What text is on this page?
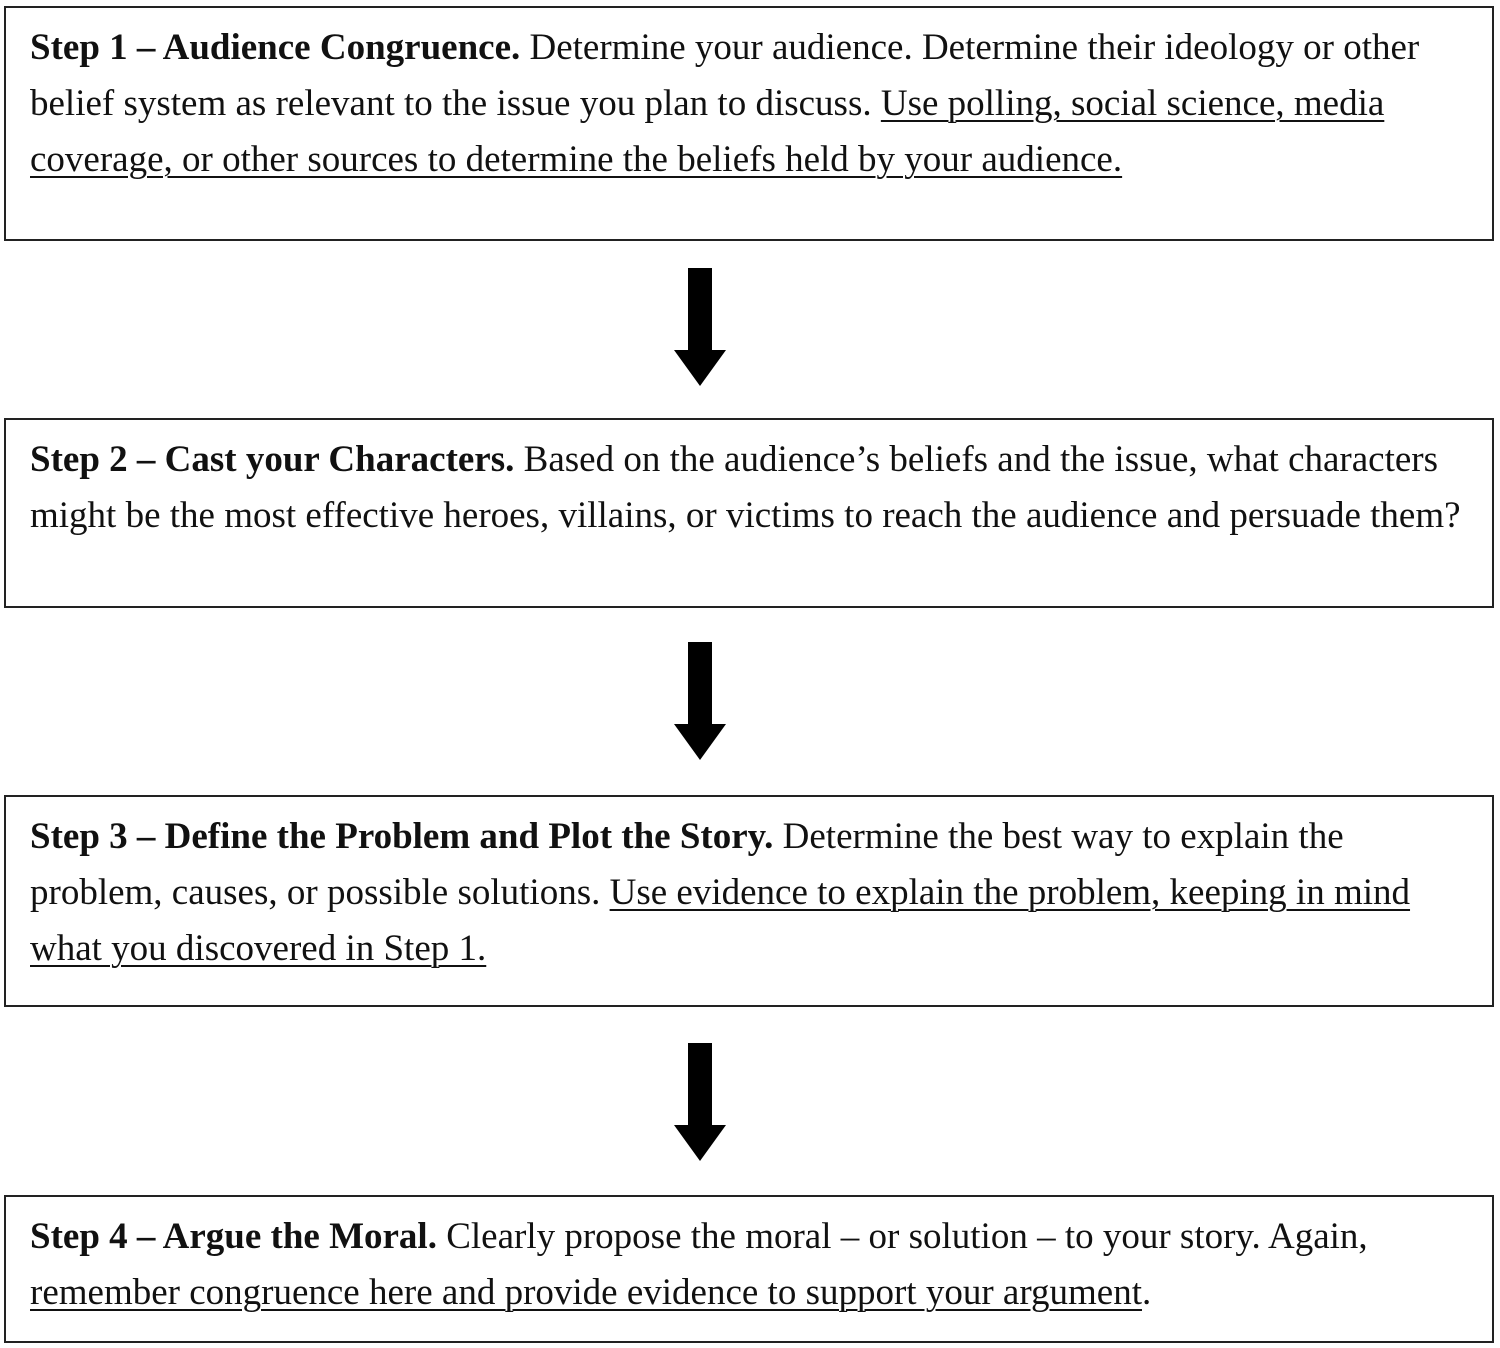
Step 1 – Audience Congruence. Determine your audience. Determine their ideology or other belief system as relevant to the issue you plan to discuss. Use polling, social science, media coverage, or other sources to determine the beliefs held by your audience.
Step 2 – Cast your Characters. Based on the audience’s beliefs and the issue, what characters might be the most effective heroes, villains, or victims to reach the audience and persuade them?
Step 3 – Define the Problem and Plot the Story. Determine the best way to explain the problem, causes, or possible solutions. Use evidence to explain the problem, keeping in mind what you discovered in Step 1.
Step 4 – Argue the Moral. Clearly propose the moral – or solution – to your story. Again, remember congruence here and provide evidence to support your argument.
